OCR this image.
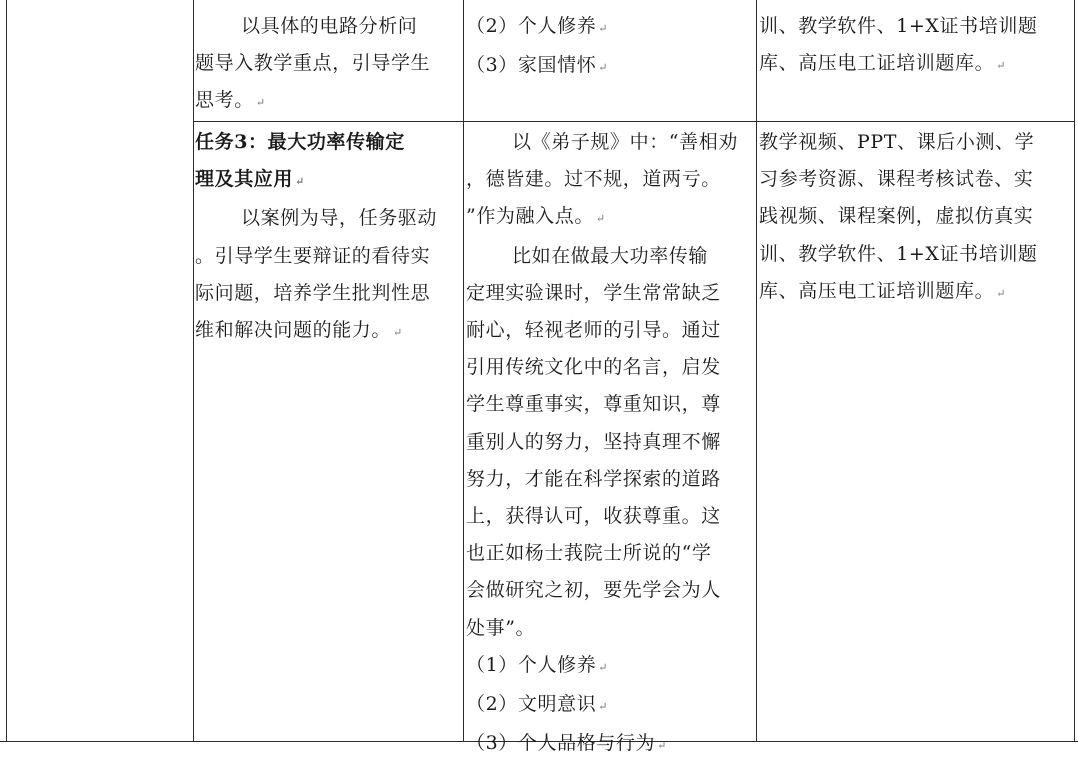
以具体的电路分析问
题导入教学重点，引导学生
思考。 ↵
（2）个人修养 ↵
（3）家国情怀 ↵
训、教学软件、1+X证书培训题
库、高压电工证培训题库。 ↵
任务3：最大功率传输定
理及其应用 ↵
以案例为导，任务驱动
。引导学生要辩证的看待实
际问题，培养学生批判性思
维和解决问题的能力。 ↵
以《弟子规》中：“善相劝
，德皆建。过不规，道两亏。
”作为融入点。 ↵
比如在做最大功率传输
定理实验课时，学生常常缺乏
耐心，轻视老师的引导。通过
引用传统文化中的名言，启发
学生尊重事实，尊重知识，尊
重别人的努力，坚持真理不懈
努力，才能在科学探索的道路
上，获得认可，收获尊重。这
也正如杨士莪院士所说的“学
会做研究之初，要先学会为人
处事”。
（1）个人修养 ↵
（2）文明意识 ↵
（3）个人品格与行为 ↵
教学视频、PPT、课后小测、学
习参考资源、课程考核试卷、实
践视频、课程案例，虚拟仿真实
训、教学软件、1+X证书培训题
库、高压电工证培训题库。 ↵
